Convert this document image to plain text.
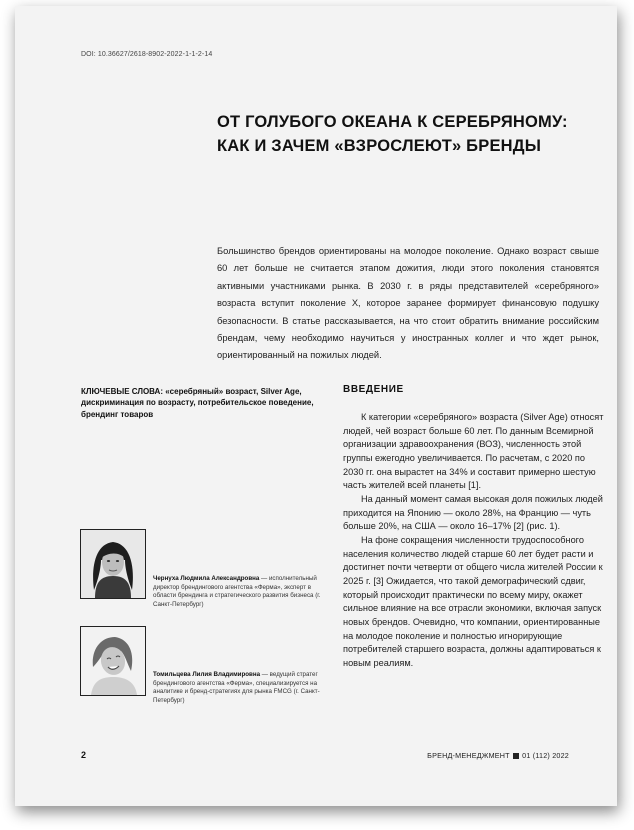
DOI: 10.36627/2618-8902-2022-1-1-2-14
ОТ ГОЛУБОГО ОКЕАНА К СЕРЕБРЯНОМУ:
КАК И ЗАЧЕМ «ВЗРОСЛЕЮТ» БРЕНДЫ
Большинство брендов ориентированы на молодое поколение. Однако возраст свыше 60 лет больше не считается этапом дожития, люди этого поколения становятся активными участниками рынка. В 2030 г. в ряды представителей «серебряного» возраста вступит поколение X, которое заранее формирует финансовую подушку безопасности. В статье рассказывается, на что стоит обратить внимание российским брендам, чему необходимо научиться у иностранных коллег и что ждет рынок, ориентированный на пожилых людей.
КЛЮЧЕВЫЕ СЛОВА: «серебряный» возраст, Silver Age, дискриминация по возрасту, потребительское поведение, брендинг товаров
ВВЕДЕНИЕ

К категории «серебряного» возраста (Silver Age) относят людей, чей возраст больше 60 лет. По данным Всемирной организации здравоохранения (ВОЗ), численность этой группы ежегодно увеличивается. По расчетам, с 2020 по 2030 гг. она вырастет на 34% и составит примерно шестую часть жителей всей планеты [1].

На данный момент самая высокая доля пожилых людей приходится на Японию — около 28%, на Францию — чуть больше 20%, на США — около 16–17% [2] (рис. 1).

На фоне сокращения численности трудоспособного населения количество людей старше 60 лет будет расти и достигнет почти четверти от общего числа жителей России к 2025 г. [3] Ожидается, что такой демографический сдвиг, который происходит практически по всему миру, окажет сильное влияние на все отрасли экономики, включая запуск новых брендов. Очевидно, что компании, ориентированные на молодое поколение и полностью игнорирующие потребителей старшего возраста, должны адаптироваться к новым реалиям.

Чернуха Людмила Александровна — исполнительный директор брендингового агентства «Ферма», эксперт в области брендинга и стратегического развития бизнеса (г. Санкт-Петербург)
Томильцева Лилия Владимировна — ведущий стратег брендингового агентства «Ферма», специализируется на аналитике и бренд-стратегиях для рынка FMCG (г. Санкт-Петербург)
2	БРЕНД-МЕНЕДЖМЕНТ 01 (112) 2022
